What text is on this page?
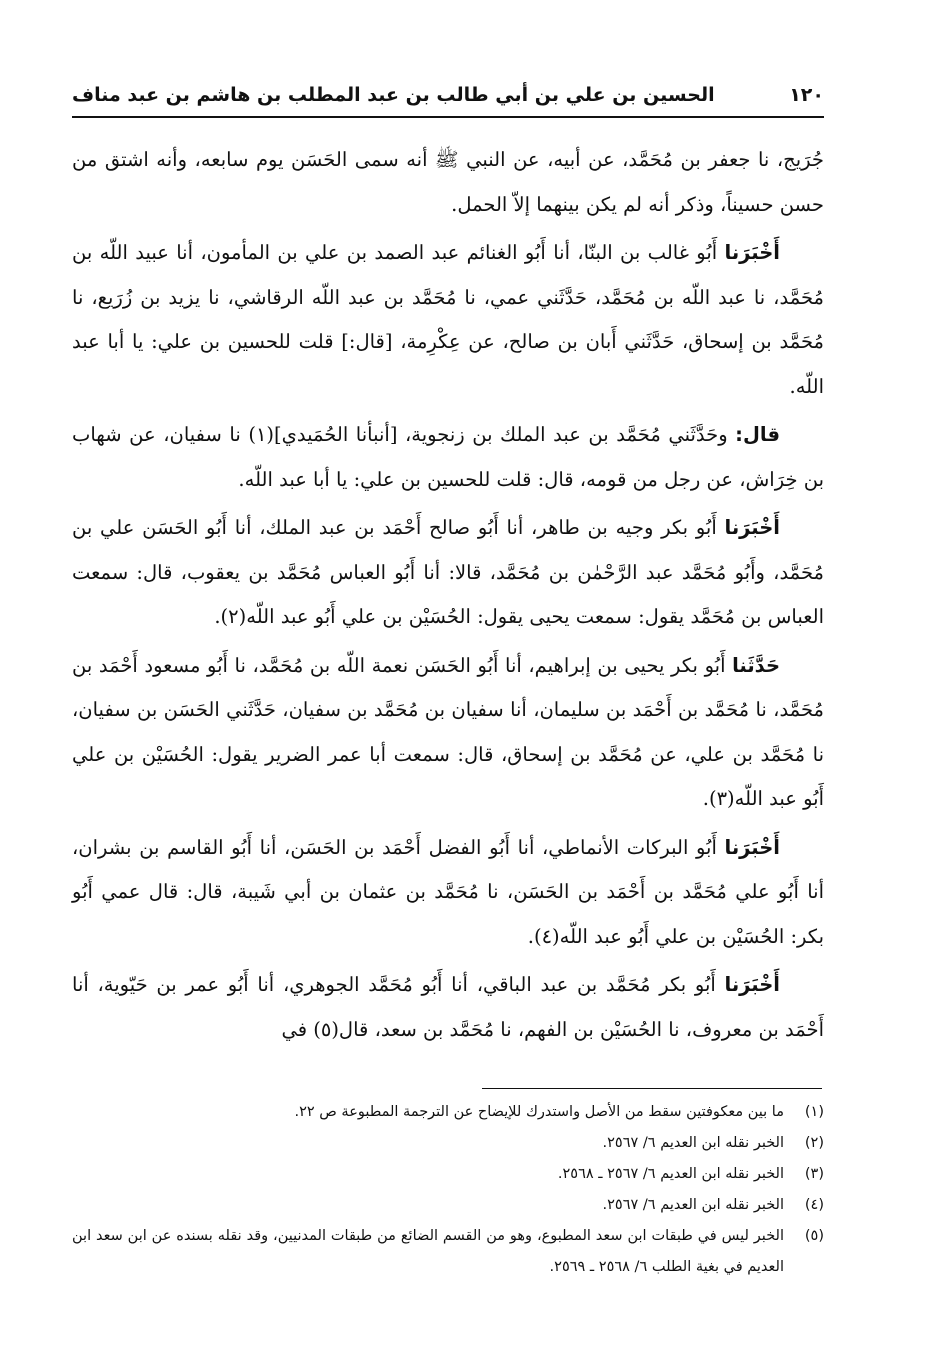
١٢٠
الحسين بن علي بن أبي طالب بن عبد المطلب بن هاشم بن عبد مناف

جُرَيج، نا جعفر بن مُحَمَّد، عن أبيه، عن النبي ﷺ أنه سمى الحَسَن يوم سابعه، وأنه اشتق من حسن حسيناً، وذكر أنه لم يكن بينهما إلاّ الحمل.

أَخْبَرَنا أَبُو غالب بن البنّا، أنا أَبُو الغنائم عبد الصمد بن علي بن المأمون، أنا عبيد اللّه بن مُحَمَّد، نا عبد اللّه بن مُحَمَّد، حَدَّثَني عمي، نا مُحَمَّد بن عبد اللّه الرقاشي، نا يزيد بن زُرَيع، نا مُحَمَّد بن إسحاق، حَدَّثَني أَبان بن صالح، عن عِكْرِمة، [قال:] قلت للحسين بن علي: يا أبا عبد اللّه.

قال: وحَدَّثَني مُحَمَّد بن عبد الملك بن زنجوية، [أنبأنا الحُمَيدي](١) نا سفيان، عن شهاب بن خِرَاش، عن رجل من قومه، قال: قلت للحسين بن علي: يا أبا عبد اللّه.

أَخْبَرَنا أَبُو بكر وجيه بن طاهر، أنا أَبُو صالح أَحْمَد بن عبد الملك، أنا أَبُو الحَسَن علي بن مُحَمَّد، وأَبُو مُحَمَّد عبد الرَّحْمٰن بن مُحَمَّد، قالا: أنا أَبُو العباس مُحَمَّد بن يعقوب، قال: سمعت العباس بن مُحَمَّد يقول: سمعت يحيى يقول: الحُسَيْن بن علي أَبُو عبد اللّه(٢).

حَدَّثَنا أَبُو بكر يحيى بن إبراهيم، أنا أَبُو الحَسَن نعمة اللّه بن مُحَمَّد، نا أَبُو مسعود أَحْمَد بن مُحَمَّد، نا مُحَمَّد بن أَحْمَد بن سليمان، أنا سفيان بن مُحَمَّد بن سفيان، حَدَّثَني الحَسَن بن سفيان، نا مُحَمَّد بن علي، عن مُحَمَّد بن إسحاق، قال: سمعت أبا عمر الضرير يقول: الحُسَيْن بن علي أَبُو عبد اللّه(٣).

أَخْبَرَنا أَبُو البركات الأنماطي، أنا أَبُو الفضل أَحْمَد بن الحَسَن، أنا أَبُو القاسم بن بشران، أنا أَبُو علي مُحَمَّد بن أَحْمَد بن الحَسَن، نا مُحَمَّد بن عثمان بن أبي شَيبة، قال: قال عمي أَبُو بكر: الحُسَيْن بن علي أَبُو عبد اللّه(٤).

أَخْبَرَنا أَبُو بكر مُحَمَّد بن عبد الباقي، أنا أَبُو مُحَمَّد الجوهري، أنا أَبُو عمر بن حَيّوية، أنا أَحْمَد بن معروف، نا الحُسَيْن بن الفهم، نا مُحَمَّد بن سعد، قال(٥) في

(١)
ما بين معكوفتين سقط من الأصل واستدرك للإيضاح عن الترجمة المطبوعة ص ٢٢.
(٢)
الخبر نقله ابن العديم ٦/ ٢٥٦٧.
(٣)
الخبر نقله ابن العديم ٦/ ٢٥٦٧ ـ ٢٥٦٨.
(٤)
الخبر نقله ابن العديم ٦/ ٢٥٦٧.
(٥)
الخبر ليس في طبقات ابن سعد المطبوع، وهو من القسم الضائع من طبقات المدنيين، وقد نقله بسنده عن ابن سعد ابن العديم في بغية الطلب ٦/ ٢٥٦٨ ـ ٢٥٦٩.
